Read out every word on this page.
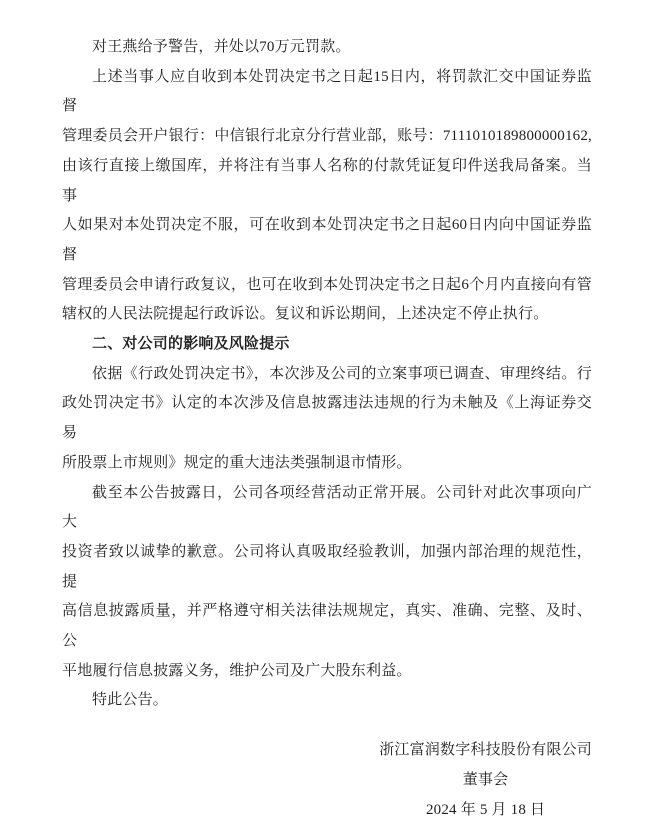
对王燕给予警告，并处以70万元罚款。
上述当事人应自收到本处罚决定书之日起15日内，将罚款汇交中国证券监督
管理委员会开户银行：中信银行北京分行营业部，账号：7111010189800000162,
由该行直接上缴国库，并将注有当事人名称的付款凭证复印件送我局备案。当事
人如果对本处罚决定不服，可在收到本处罚决定书之日起60日内向中国证券监督
管理委员会申请行政复议，也可在收到本处罚决定书之日起6个月内直接向有管
辖权的人民法院提起行政诉讼。复议和诉讼期间，上述决定不停止执行。
二、对公司的影响及风险提示
依据《行政处罚决定书》，本次涉及公司的立案事项已调查、审理终结。行
政处罚决定书》认定的本次涉及信息披露违法违规的行为未触及《上海证券交易
所股票上市规则》规定的重大违法类强制退市情形。
截至本公告披露日，公司各项经营活动正常开展。公司针对此次事项向广大
投资者致以诚挚的歉意。公司将认真吸取经验教训，加强内部治理的规范性，提
高信息披露质量，并严格遵守相关法律法规规定，真实、准确、完整、及时、公
平地履行信息披露义务，维护公司及广大股东利益。
特此公告。
浙江富润数字科技股份有限公司
董事会
2024 年 5 月 18 日
